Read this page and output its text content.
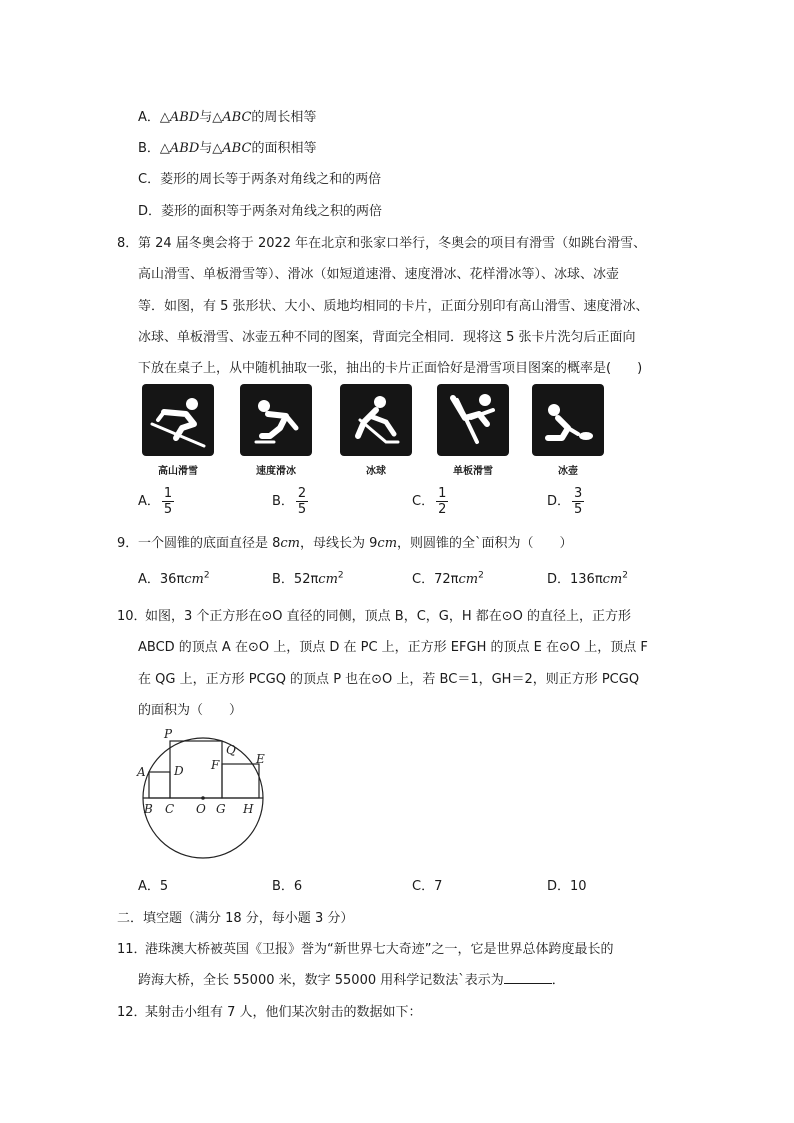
A．△ABD与△ABC的周长相等
B．△ABD与△ABC的面积相等
C．菱形的周长等于两条对角线之和的两倍
D．菱形的面积等于两条对角线之积的两倍
8． 第 24 届冬奥会将于 2022 年在北京和张家口举行，冬奥会的项目有滑雪（如跳台滑雪、
高山滑雪、单板滑雪等）、滑冰（如短道速滑、速度滑冰、花样滑冰等）、冰球、冰壶
等．如图，有 5 张形状、大小、质地均相同的卡片，正面分别印有高山滑雪、速度滑冰、
冰球、单板滑雪、冰壶五种不同的图案，背面完全相同．现将这 5 张卡片洗匀后正面向
下放在桌子上，从中随机抽取一张，抽出的卡片正面恰好是滑雪项目图案的概率是(　　)
高山滑雪	速度滑冰	冰球	单板滑雪	冰壶
A． $\frac{1}{5}$	B． $\frac{2}{5}$	C． $\frac{1}{2}$	D． $\frac{3}{5}$
9． 一个圆锥的底面直径是 8cm，母线长为 9cm，则圆锥的全`面积为（　　）
A．36πcm$^2$	B．52πcm$^2$	C．72πcm$^2$	D．136πcm$^2$
10．
如图，3 个正方形在⊙O 直径的同侧，顶点 B，C，G，H 都在⊙O 的直径上，正方形
ABCD 的顶点 A 在⊙O 上，顶点 D 在 PC 上，正方形 EFGH 的顶点 E 在⊙O 上，顶点 F
在 QG 上，正方形 PCGQ 的顶点 P 也在⊙O 上，若 BC＝1，GH＝2，则正方形 PCGQ
的面积为（　　）
P
Q
A D F	E
B C O G H
A．5	B．6	C．7	D．10
二．填空题（满分 18 分，每小题 3 分）
11．
港珠澳大桥被英国《卫报》誉为“新世界七大奇迹”之一，它是世界总体跨度最长的
跨海大桥，全长 55000 米，数字 55000 用科学记数法`表示为	．
12．
某射击小组有 7 人，他们某次射击的数据如下：
